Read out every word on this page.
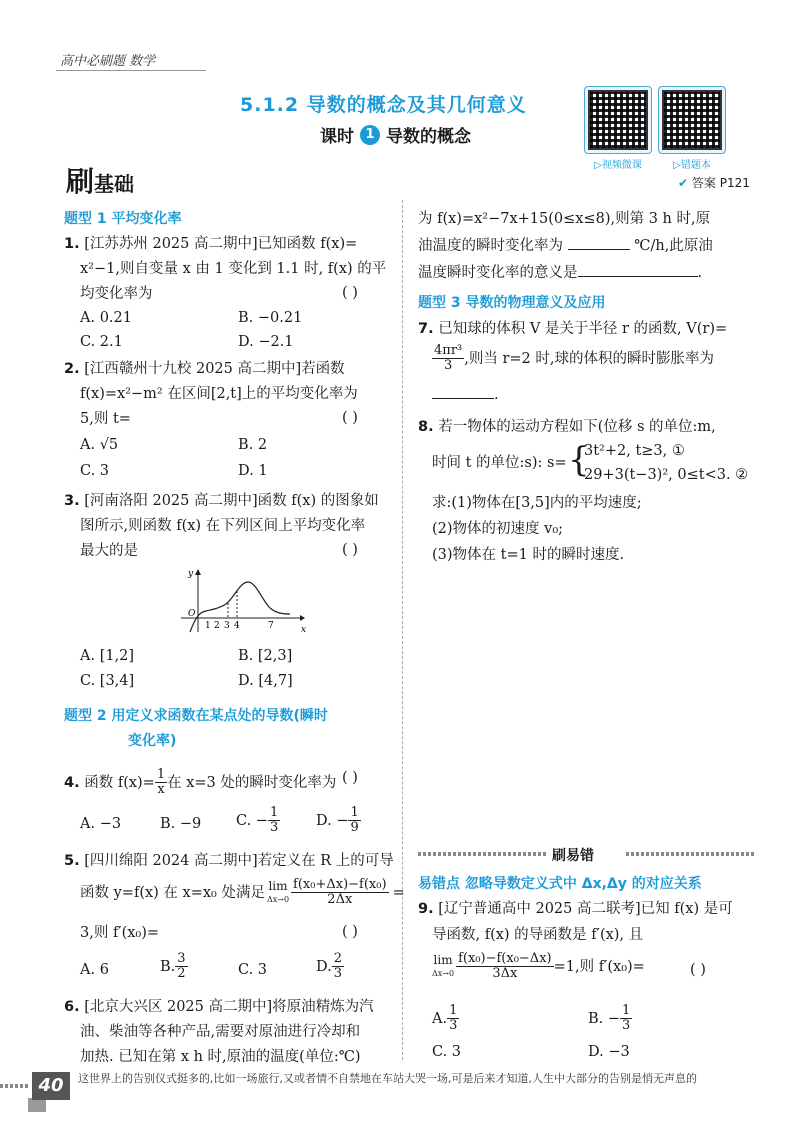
高中必刷题 数学
5.1.2 导数的概念及其几何意义
课时 1 导数的概念
▷视频微课	▷错题本
刷 基础	✔ 答案 P121
题型 1 平均变化率
1. [江苏苏州 2025 高二期中]已知函数 f(x)=
x²−1,则自变量 x 由 1 变化到 1.1 时, f(x) 的平
均变化率为	( )
A. 0.21	B. −0.21
C. 2.1	D. −2.1
2. [江西赣州十九校 2025 高二期中]若函数
f(x)=x²−m² 在区间[2,t]上的平均变化率为
5,则 t=	( )
A. √5	B. 2
C. 3	D. 1
3. [河南洛阳 2025 高二期中]函数 f(x) 的图象如
图所示,则函数 f(x) 在下列区间上平均变化率
最大的是	( )
x
y
O
1 2 3 4	7
A. [1,2]	B. [2,3]
C. [3,4]	D. [4,7]
题型 2 用定义求函数在某点处的导数(瞬时
变化率)
4.
函数 $f(x)= \frac{1}{x}$ 在 x=3 处的瞬时变化率为 ( )
A. −3	B. −9 C. − $\frac{1}{3} D$. − $\frac{1}{9}$
5. [四川绵阳 2024 高二期中]若定义在 R 上的可导
函数 y=f(x) 在 x=x₀ 处满足 lim
$\Delta x\to 0 \frac{\text{f(x₀+Δx)−f(x₀)}}{2\Delta x}$ =
3,则 f′(x₀)=	( )
A. 6	B. $\frac{3}{2}$	C. 3	D. $\frac{2}{3}$
6. [北京大兴区 2025 高二期中]将原油精炼为汽
油、柴油等各种产品,需要对原油进行冷却和
加热. 已知在第 x h 时,原油的温度(单位:℃)
为 f(x)=x²−7x+15(0≤x≤8),则第 3 h 时,原
油温度的瞬时变化率为	℃/h,此原油
温度瞬时变化率的意义是	.
题型 3 导数的物理意义及应用
7. 已知球的体积 V 是关于半径 r 的函数, V(r)=
$\frac{\text{4πr³}}{3}$ ,则当 r=2 时,球的体积的瞬时膨胀率为
.
8. 若一物体的运动方程如下(位移 s 的单位:m,
时间 t 的单位:s): s= {
3t²+2, t≥3, ①
29+3(t−3)², 0≤t<3. ②
求:(1)物体在[3,5]内的平均速度;
(2)物体的初速度 v₀;
(3)物体在 t=1 时的瞬时速度.
刷易错
易错点 忽略导数定义式中 Δx,Δy 的对应关系
9. [辽宁普通高中 2025 高二联考]已知 f(x) 是可
导函数, f(x) 的导函数是 f′(x), 且
lim
$\Delta x\to 0 \frac{\text{f(x₀)−f(x₀−Δx)}}{3\Delta x} =1$,则 f′(x₀)=	( )
A. $\frac{1}{3}$	B. − $\frac{1}{3}$
C. 3	D. −3
40	这世界上的告别仪式挺多的,比如一场旅行,又或者情不自禁地在车站大哭一场,可是后来才知道,人生中大部分的告别是悄无声息的
